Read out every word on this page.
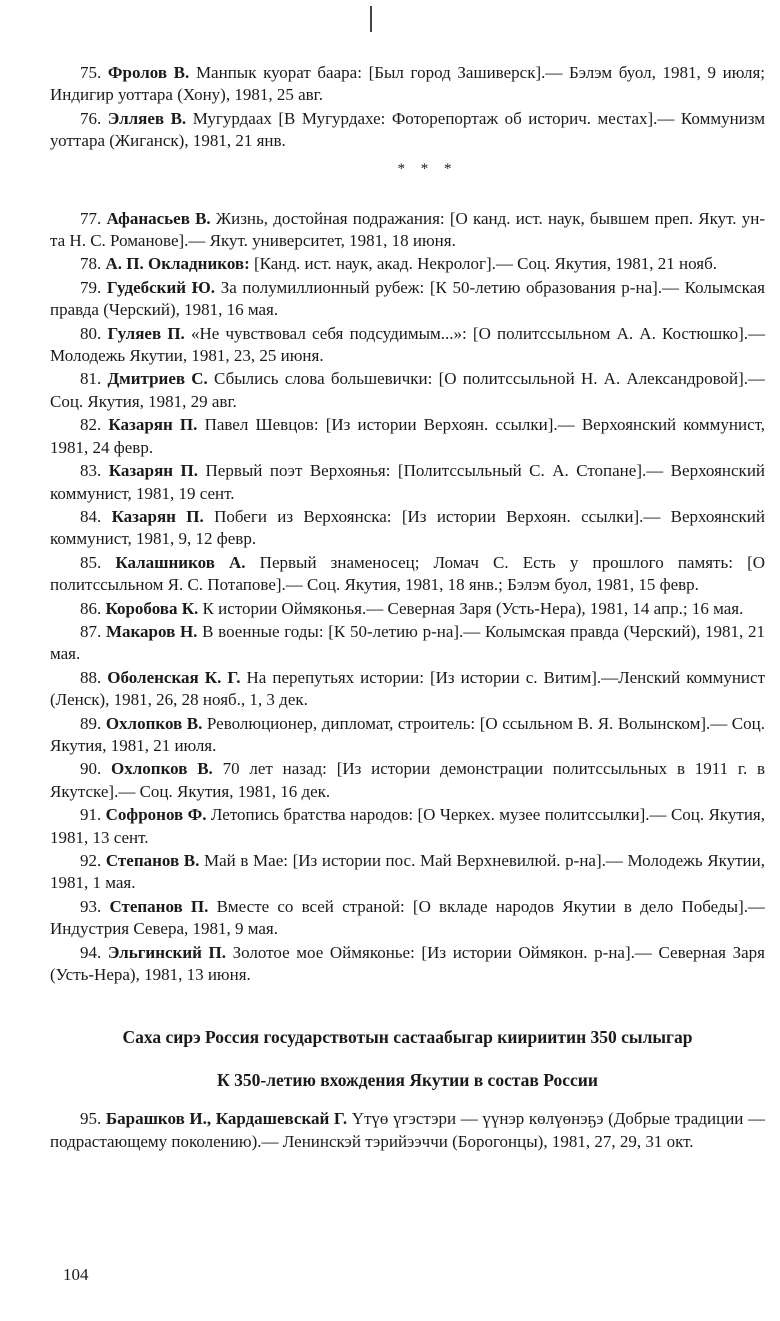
75. Фролов В. Манпык куорат баара: [Был город Зашиверск].— Бэлэм буол, 1981, 9 июля; Индигир уоттара (Хону), 1981, 25 авг.

76. Элляев В. Мугурдаах [В Мугурдахе: Фоторепортаж об историч. местах].— Коммунизм уоттара (Жиганск), 1981, 21 янв.

* * *

77. Афанасьев В. Жизнь, достойная подражания: [О канд. ист. наук, бывшем преп. Якут. ун-та Н. С. Романове].— Якут. университет, 1981, 18 июня.

78. А. П. Окладников: [Канд. ист. наук, акад. Некролог].— Соц. Якутия, 1981, 21 нояб.

79. Гудебский Ю. За полумиллионный рубеж: [К 50-летию образования р-на].— Колымская правда (Черский), 1981, 16 мая.

80. Гуляев П. «Не чувствовал себя подсудимым...»: [О политссыльном А. А. Костюшко].— Молодежь Якутии, 1981, 23, 25 июня.

81. Дмитриев С. Сбылись слова большевички: [О политссыльной Н. А. Александровой].— Соц. Якутия, 1981, 29 авг.

82. Казарян П. Павел Шевцов: [Из истории Верхоян. ссылки].— Верхоянский коммунист, 1981, 24 февр.

83. Казарян П. Первый поэт Верхоянья: [Политссыльный С. А. Стопане].— Верхоянский коммунист, 1981, 19 сент.

84. Казарян П. Побеги из Верхоянска: [Из истории Верхоян. ссылки].— Верхоянский коммунист, 1981, 9, 12 февр.

85. Калашников А. Первый знаменосец; Ломач С. Есть у прошлого память: [О политссыльном Я. С. Потапове].— Соц. Якутия, 1981, 18 янв.; Бэлэм буол, 1981, 15 февр.

86. Коробова К. К истории Оймяконья.— Северная Заря (Усть-Нера), 1981, 14 апр.; 16 мая.

87. Макаров Н. В военные годы: [К 50-летию р-на].— Колымская правда (Черский), 1981, 21 мая.

88. Оболенская К. Г. На перепутьях истории: [Из истории с. Витим].—Ленский коммунист (Ленск), 1981, 26, 28 нояб., 1, 3 дек.

89. Охлопков В. Революционер, дипломат, строитель: [О ссыльном В. Я. Волынском].— Соц. Якутия, 1981, 21 июля.

90. Охлопков В. 70 лет назад: [Из истории демонстрации политссыльных в 1911 г. в Якутске].— Соц. Якутия, 1981, 16 дек.

91. Софронов Ф. Летопись братства народов: [О Черкех. музее политссылки].— Соц. Якутия, 1981, 13 сент.

92. Степанов В. Май в Мае: [Из истории пос. Май Верхневилюй. р-на].— Молодежь Якутии, 1981, 1 мая.

93. Степанов П. Вместе со всей страной: [О вкладе народов Якутии в дело Победы].— Индустрия Севера, 1981, 9 мая.

94. Эльгинский П. Золотое мое Оймяконье: [Из истории Оймякон. р-на].— Северная Заря (Усть-Нера), 1981, 13 июня.

Саха сирэ Россия государствотын састаабыгар киириитин 350 сылыгар
К 350-летию вхождения Якутии в состав России

95. Барашков И., Кардашевскай Г. Үтүө үгэстэри — үүнэр көлүөнэҕэ (Добрые традиции — подрастающему поколению).— Ленинскэй тэрийээччи (Борогонцы), 1981, 27, 29, 31 окт.

104
